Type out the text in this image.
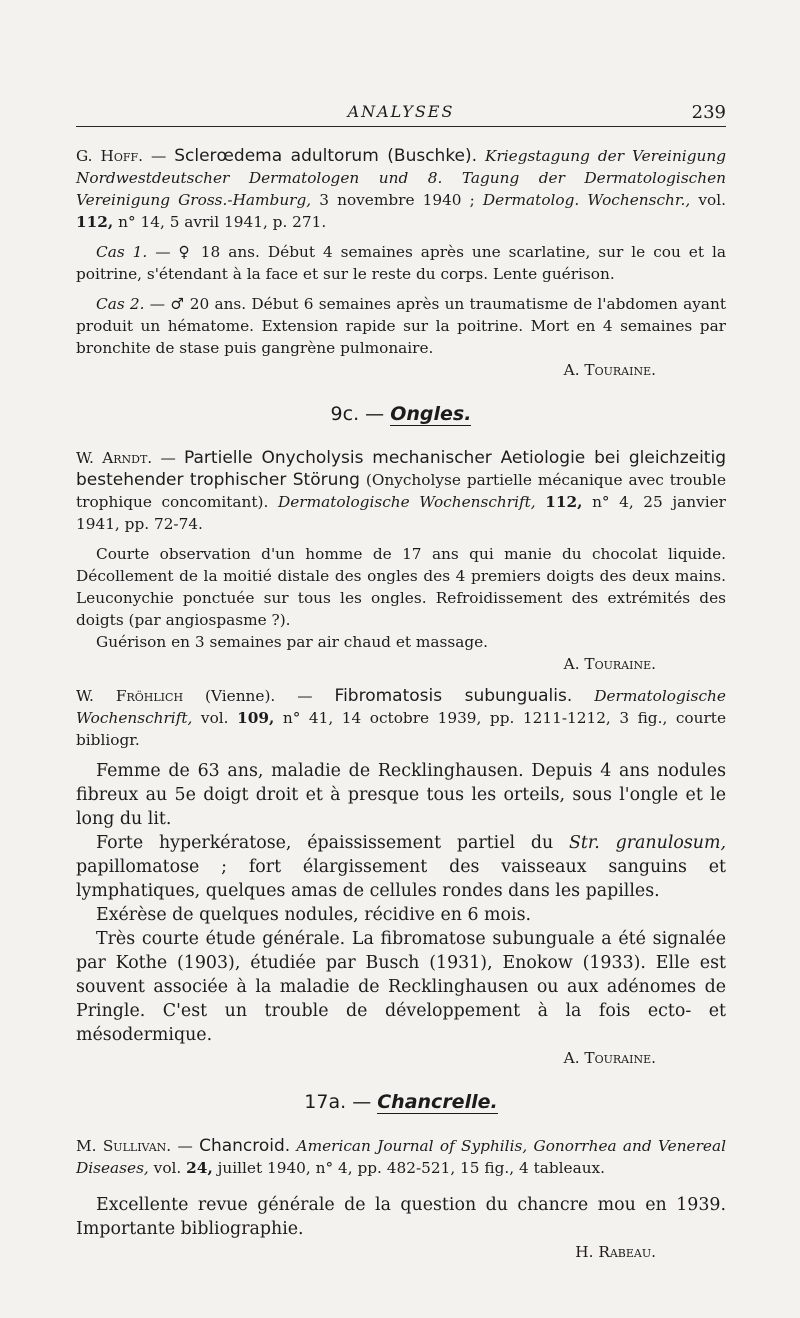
ANALYSES	239

G. Hoff. — Sclerœdema adultorum (Buschke). Kriegstagung der Vereinigung Nordwestdeutscher Dermatologen und 8. Tagung der Dermatologischen Vereinigung Gross.-Hamburg, 3 novembre 1940 ; Dermatolog. Wochenschr., vol. 112, n° 14, 5 avril 1941, p. 271.

Cas 1. — ♀ 18 ans. Début 4 semaines après une scarlatine, sur le cou et la poitrine, s'étendant à la face et sur le reste du corps. Lente guérison.

Cas 2. — ♂ 20 ans. Début 6 semaines après un traumatisme de l'abdomen ayant produit un hématome. Extension rapide sur la poitrine. Mort en 4 semaines par bronchite de stase puis gangrène pulmonaire.

A. Touraine.

9c. — Ongles.

W. Arndt. — Partielle Onycholysis mechanischer Aetiologie bei gleichzeitig bestehender trophischer Störung (Onycholyse partielle mécanique avec trouble trophique concomitant). Dermatologische Wochenschrift, 112, n° 4, 25 janvier 1941, pp. 72-74.

Courte observation d'un homme de 17 ans qui manie du chocolat liquide. Décollement de la moitié distale des ongles des 4 premiers doigts des deux mains. Leuconychie ponctuée sur tous les ongles. Refroidissement des extrémités des doigts (par angiospasme ?).

Guérison en 3 semaines par air chaud et massage.

A. Touraine.

W. Fröhlich (Vienne). — Fibromatosis subungualis. Dermatologische Wochenschrift, vol. 109, n° 41, 14 octobre 1939, pp. 1211-1212, 3 fig., courte bibliogr.

Femme de 63 ans, maladie de Recklinghausen. Depuis 4 ans nodules fibreux au 5e doigt droit et à presque tous les orteils, sous l'ongle et le long du lit.

Forte hyperkératose, épaississement partiel du Str. granulosum, papillomatose ; fort élargissement des vaisseaux sanguins et lymphatiques, quelques amas de cellules rondes dans les papilles.

Exérèse de quelques nodules, récidive en 6 mois.

Très courte étude générale. La fibromatose subunguale a été signalée par Kothe (1903), étudiée par Busch (1931), Enokow (1933). Elle est souvent associée à la maladie de Recklinghausen ou aux adénomes de Pringle. C'est un trouble de développement à la fois ecto- et mésodermique.

A. Touraine.

17a. — Chancrelle.

M. Sullivan. — Chancroid. American Journal of Syphilis, Gonorrhea and Venereal Diseases, vol. 24, juillet 1940, n° 4, pp. 482-521, 15 fig., 4 tableaux.

Excellente revue générale de la question du chancre mou en 1939. Importante bibliographie.

H. Rabeau.
